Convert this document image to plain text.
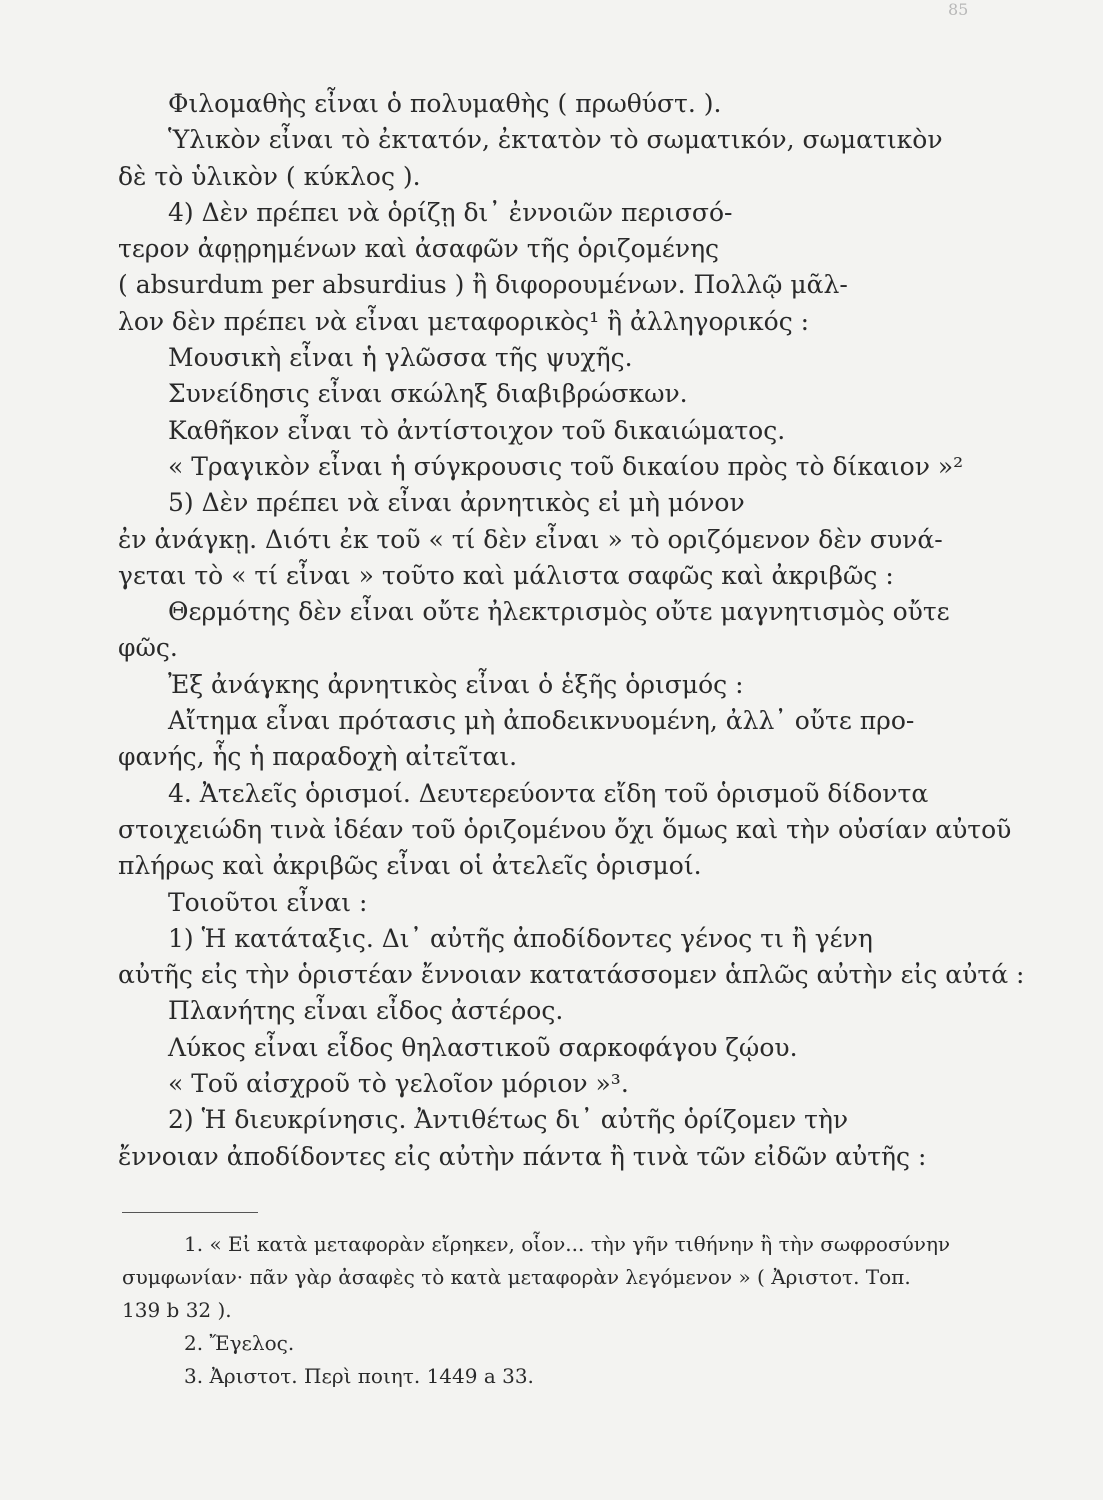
85
Φιλομαθὴς εἶναι ὁ πολυμαθὴς ( πρωθύστ. ).
Ὑλικὸν εἶναι τὸ ἐκτατόν, ἐκτατὸν τὸ σωματικόν, σωματικὸν
δὲ τὸ ὑλικὸν ( κύκλος ).
4) Δὲν πρέπει νὰ ὁρίζῃ δι᾽ ἐννοιῶν περισσό-
τερον ἀφῃρημένων καὶ ἀσαφῶν τῆς ὁριζομένης
( absurdum per absurdius ) ἢ διφορουμένων. Πολλῷ μᾶλ-
λον δὲν πρέπει νὰ εἶναι μεταφορικὸς¹ ἢ ἀλληγορικός :
Μουσικὴ εἶναι ἡ γλῶσσα τῆς ψυχῆς.
Συνείδησις εἶναι σκώληξ διαβιβρώσκων.
Καθῆκον εἶναι τὸ ἀντίστοιχον τοῦ δικαιώματος.
« Τραγικὸν εἶναι ἡ σύγκρουσις τοῦ δικαίου πρὸς τὸ δίκαιον »²
5) Δὲν πρέπει νὰ εἶναι ἀρνητικὸς εἰ μὴ μόνον
ἐν ἀνάγκῃ. Διότι ἐκ τοῦ « τί δὲν εἶναι » τὸ οριζόμενον δὲν συνά-
γεται τὸ « τί εἶναι » τοῦτο καὶ μάλιστα σαφῶς καὶ ἀκριβῶς :
Θερμότης δὲν εἶναι οὔτε ἠλεκτρισμὸς οὔτε μαγνητισμὸς οὔτε
φῶς.
Ἐξ ἀνάγκης ἀρνητικὸς εἶναι ὁ ἑξῆς ὁρισμός :
Αἴτημα εἶναι πρότασις μὴ ἀποδεικνυομένη, ἀλλ᾽ οὔτε προ-
φανής, ἧς ἡ παραδοχὴ αἰτεῖται.
4. Ἀτελεῖς ὁρισμοί. Δευτερεύοντα εἴδη τοῦ ὁρισμοῦ δίδοντα
στοιχειώδη τινὰ ἰδέαν τοῦ ὁριζομένου ὄχι ὅμως καὶ τὴν οὐσίαν αὐτοῦ
πλήρως καὶ ἀκριβῶς εἶναι οἱ ἀτελεῖς ὁρισμοί.
Τοιοῦτοι εἶναι :
1) Ἡ κατάταξις. Δι᾽ αὐτῆς ἀποδίδοντες γένος τι ἢ γένη
αὐτῆς εἰς τὴν ὁριστέαν ἔννοιαν κατατάσσομεν ἁπλῶς αὐτὴν εἰς αὐτά :
Πλανήτης εἶναι εἶδος ἀστέρος.
Λύκος εἶναι εἶδος θηλαστικοῦ σαρκοφάγου ζῴου.
« Τοῦ αἰσχροῦ τὸ γελοῖον μόριον »³.
2) Ἡ διευκρίνησις. Ἀντιθέτως δι᾽ αὐτῆς ὁρίζομεν τὴν
ἔννοιαν ἀποδίδοντες εἰς αὐτὴν πάντα ἢ τινὰ τῶν εἰδῶν αὐτῆς :
1. « Εἰ κατὰ μεταφορὰν εἴρηκεν, οἷον... τὴν γῆν τιθήνην ἢ τὴν σωφροσύνην
συμφωνίαν· πᾶν γὰρ ἀσαφὲς τὸ κατὰ μεταφορὰν λεγόμενον » ( Ἀριστοτ. Τοπ.
139 b 32 ).
2. Ἔγελος.
3. Ἀριστοτ. Περὶ ποιητ. 1449 a 33.
